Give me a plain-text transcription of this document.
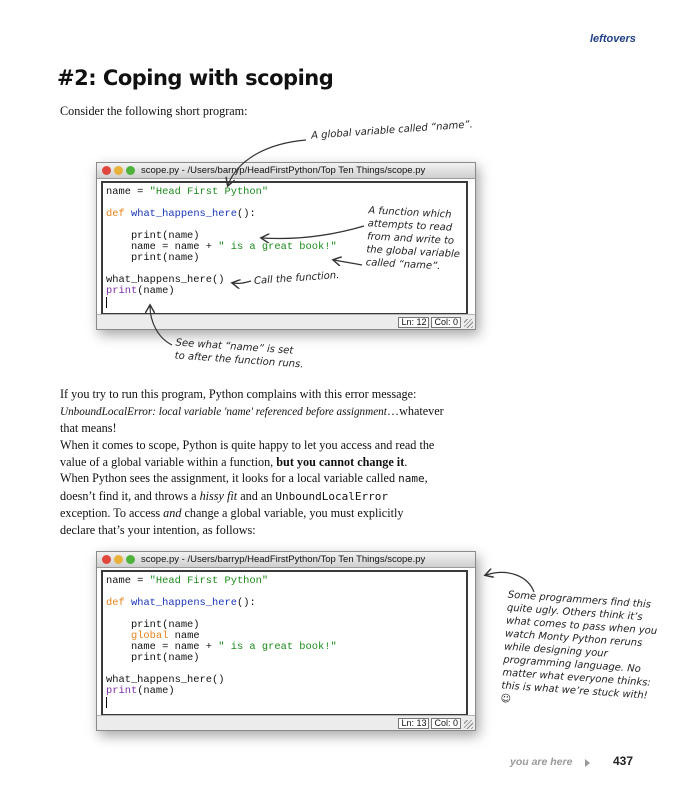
leftovers
#2: Coping with scoping
Consider the following short program:
scope.py - /Users/barryp/HeadFirstPython/Top Ten Things/scope.py
name = "Head First Python"

def what_happens_here():

print(name)
name = name + " is a great book!"
print(name)

what_happens_here()
print(name)

Ln: 12 Col: 0
A global variable called “name”.
A function which attempts to read from and write to the global variable called “name”.
Call the function.
See what “name” is set to after the function runs.
If you try to run this program, Python complains with this error message:
UnboundLocalError: local variable 'name' referenced before assignment…whatever that means!
When it comes to scope, Python is quite happy to let you access and read the value of a global variable within a function, but you cannot change it. When Python sees the assignment, it looks for a local variable called name, doesn’t find it, and throws a hissy fit and an UnboundLocalError exception. To access and change a global variable, you must explicitly declare that’s your intention, as follows:
scope.py - /Users/barryp/HeadFirstPython/Top Ten Things/scope.py
name = "Head First Python"

def what_happens_here():

print(name)
global name
name = name + " is a great book!"
print(name)

what_happens_here()
print(name)

Ln: 13 Col: 0
Some programmers find this quite ugly. Others think it’s what comes to pass when you watch Monty Python reruns while designing your programming language. No matter what everyone thinks: this is what we’re stuck with! ☺
you are here	437
